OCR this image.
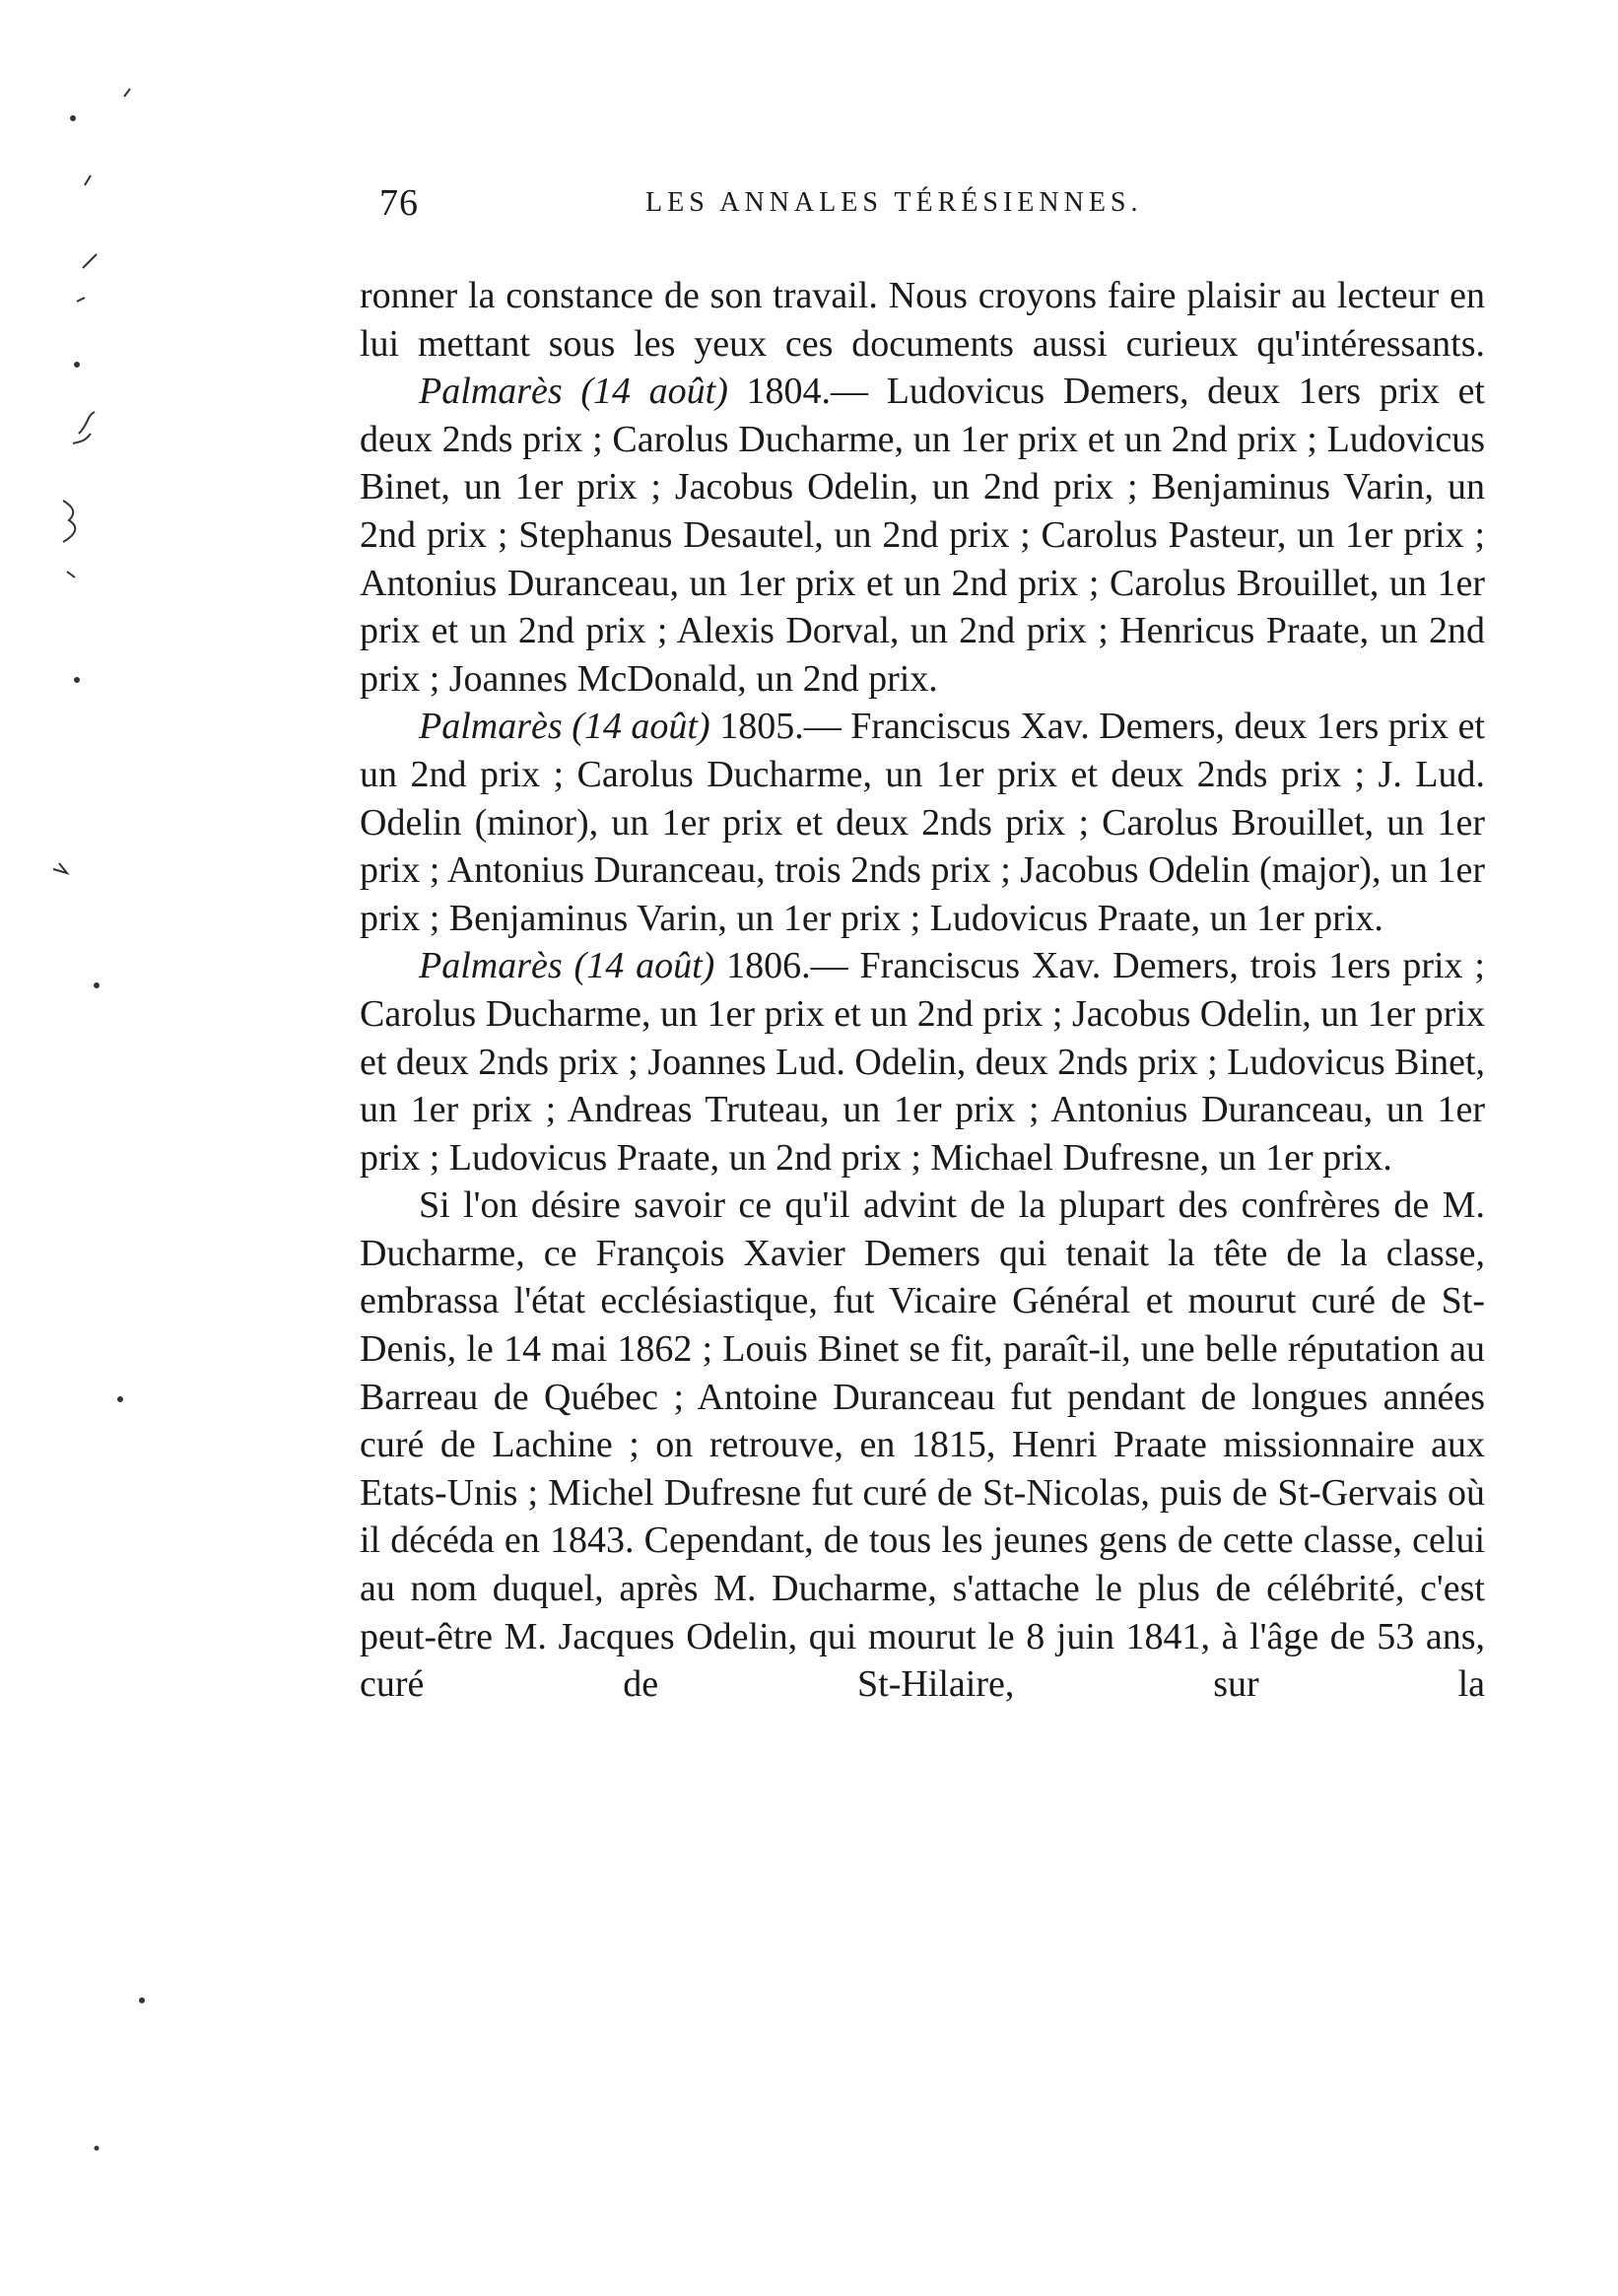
76	LES ANNALES TÉRÉSIENNES.

ronner la constance de son travail. Nous croyons faire plaisir au lecteur en lui mettant sous les yeux ces documents aussi curieux qu'intéressants.

Palmarès (14 août) 1804.— Ludovicus Demers, deux 1ers prix et deux 2nds prix ; Carolus Ducharme, un 1er prix et un 2nd prix ; Ludovicus Binet, un 1er prix ; Jacobus Odelin, un 2nd prix ; Benjaminus Varin, un 2nd prix ; Stephanus Desautel, un 2nd prix ; Carolus Pasteur, un 1er prix ; Antonius Duranceau, un 1er prix et un 2nd prix ; Carolus Brouillet, un 1er prix et un 2nd prix ; Alexis Dorval, un 2nd prix ; Henricus Praate, un 2nd prix ; Joannes McDonald, un 2nd prix.

Palmarès (14 août) 1805.— Franciscus Xav. Demers, deux 1ers prix et un 2nd prix ; Carolus Ducharme, un 1er prix et deux 2nds prix ; J. Lud. Odelin (minor), un 1er prix et deux 2nds prix ; Carolus Brouillet, un 1er prix ; Antonius Duranceau, trois 2nds prix ; Jacobus Odelin (major), un 1er prix ; Benjaminus Varin, un 1er prix ; Ludovicus Praate, un 1er prix.

Palmarès (14 août) 1806.— Franciscus Xav. Demers, trois 1ers prix ; Carolus Ducharme, un 1er prix et un 2nd prix ; Jacobus Odelin, un 1er prix et deux 2nds prix ; Joannes Lud. Odelin, deux 2nds prix ; Ludovicus Binet, un 1er prix ; Andreas Truteau, un 1er prix ; Antonius Duranceau, un 1er prix ; Ludovicus Praate, un 2nd prix ; Michael Dufresne, un 1er prix.

Si l'on désire savoir ce qu'il advint de la plupart des confrères de M. Ducharme, ce François Xavier Demers qui tenait la tête de la classe, embrassa l'état ecclésiastique, fut Vicaire Général et mourut curé de St-Denis, le 14 mai 1862 ; Louis Binet se fit, paraît-il, une belle réputation au Barreau de Québec ; Antoine Duranceau fut pendant de longues années curé de Lachine ; on retrouve, en 1815, Henri Praate missionnaire aux Etats-Unis ; Michel Dufresne fut curé de St-Nicolas, puis de St-Gervais où il décéda en 1843. Cependant, de tous les jeunes gens de cette classe, celui au nom duquel, après M. Ducharme, s'attache le plus de célébrité, c'est peut-être M. Jacques Odelin, qui mourut le 8 juin 1841, à l'âge de 53 ans, curé de St-Hilaire, sur la
